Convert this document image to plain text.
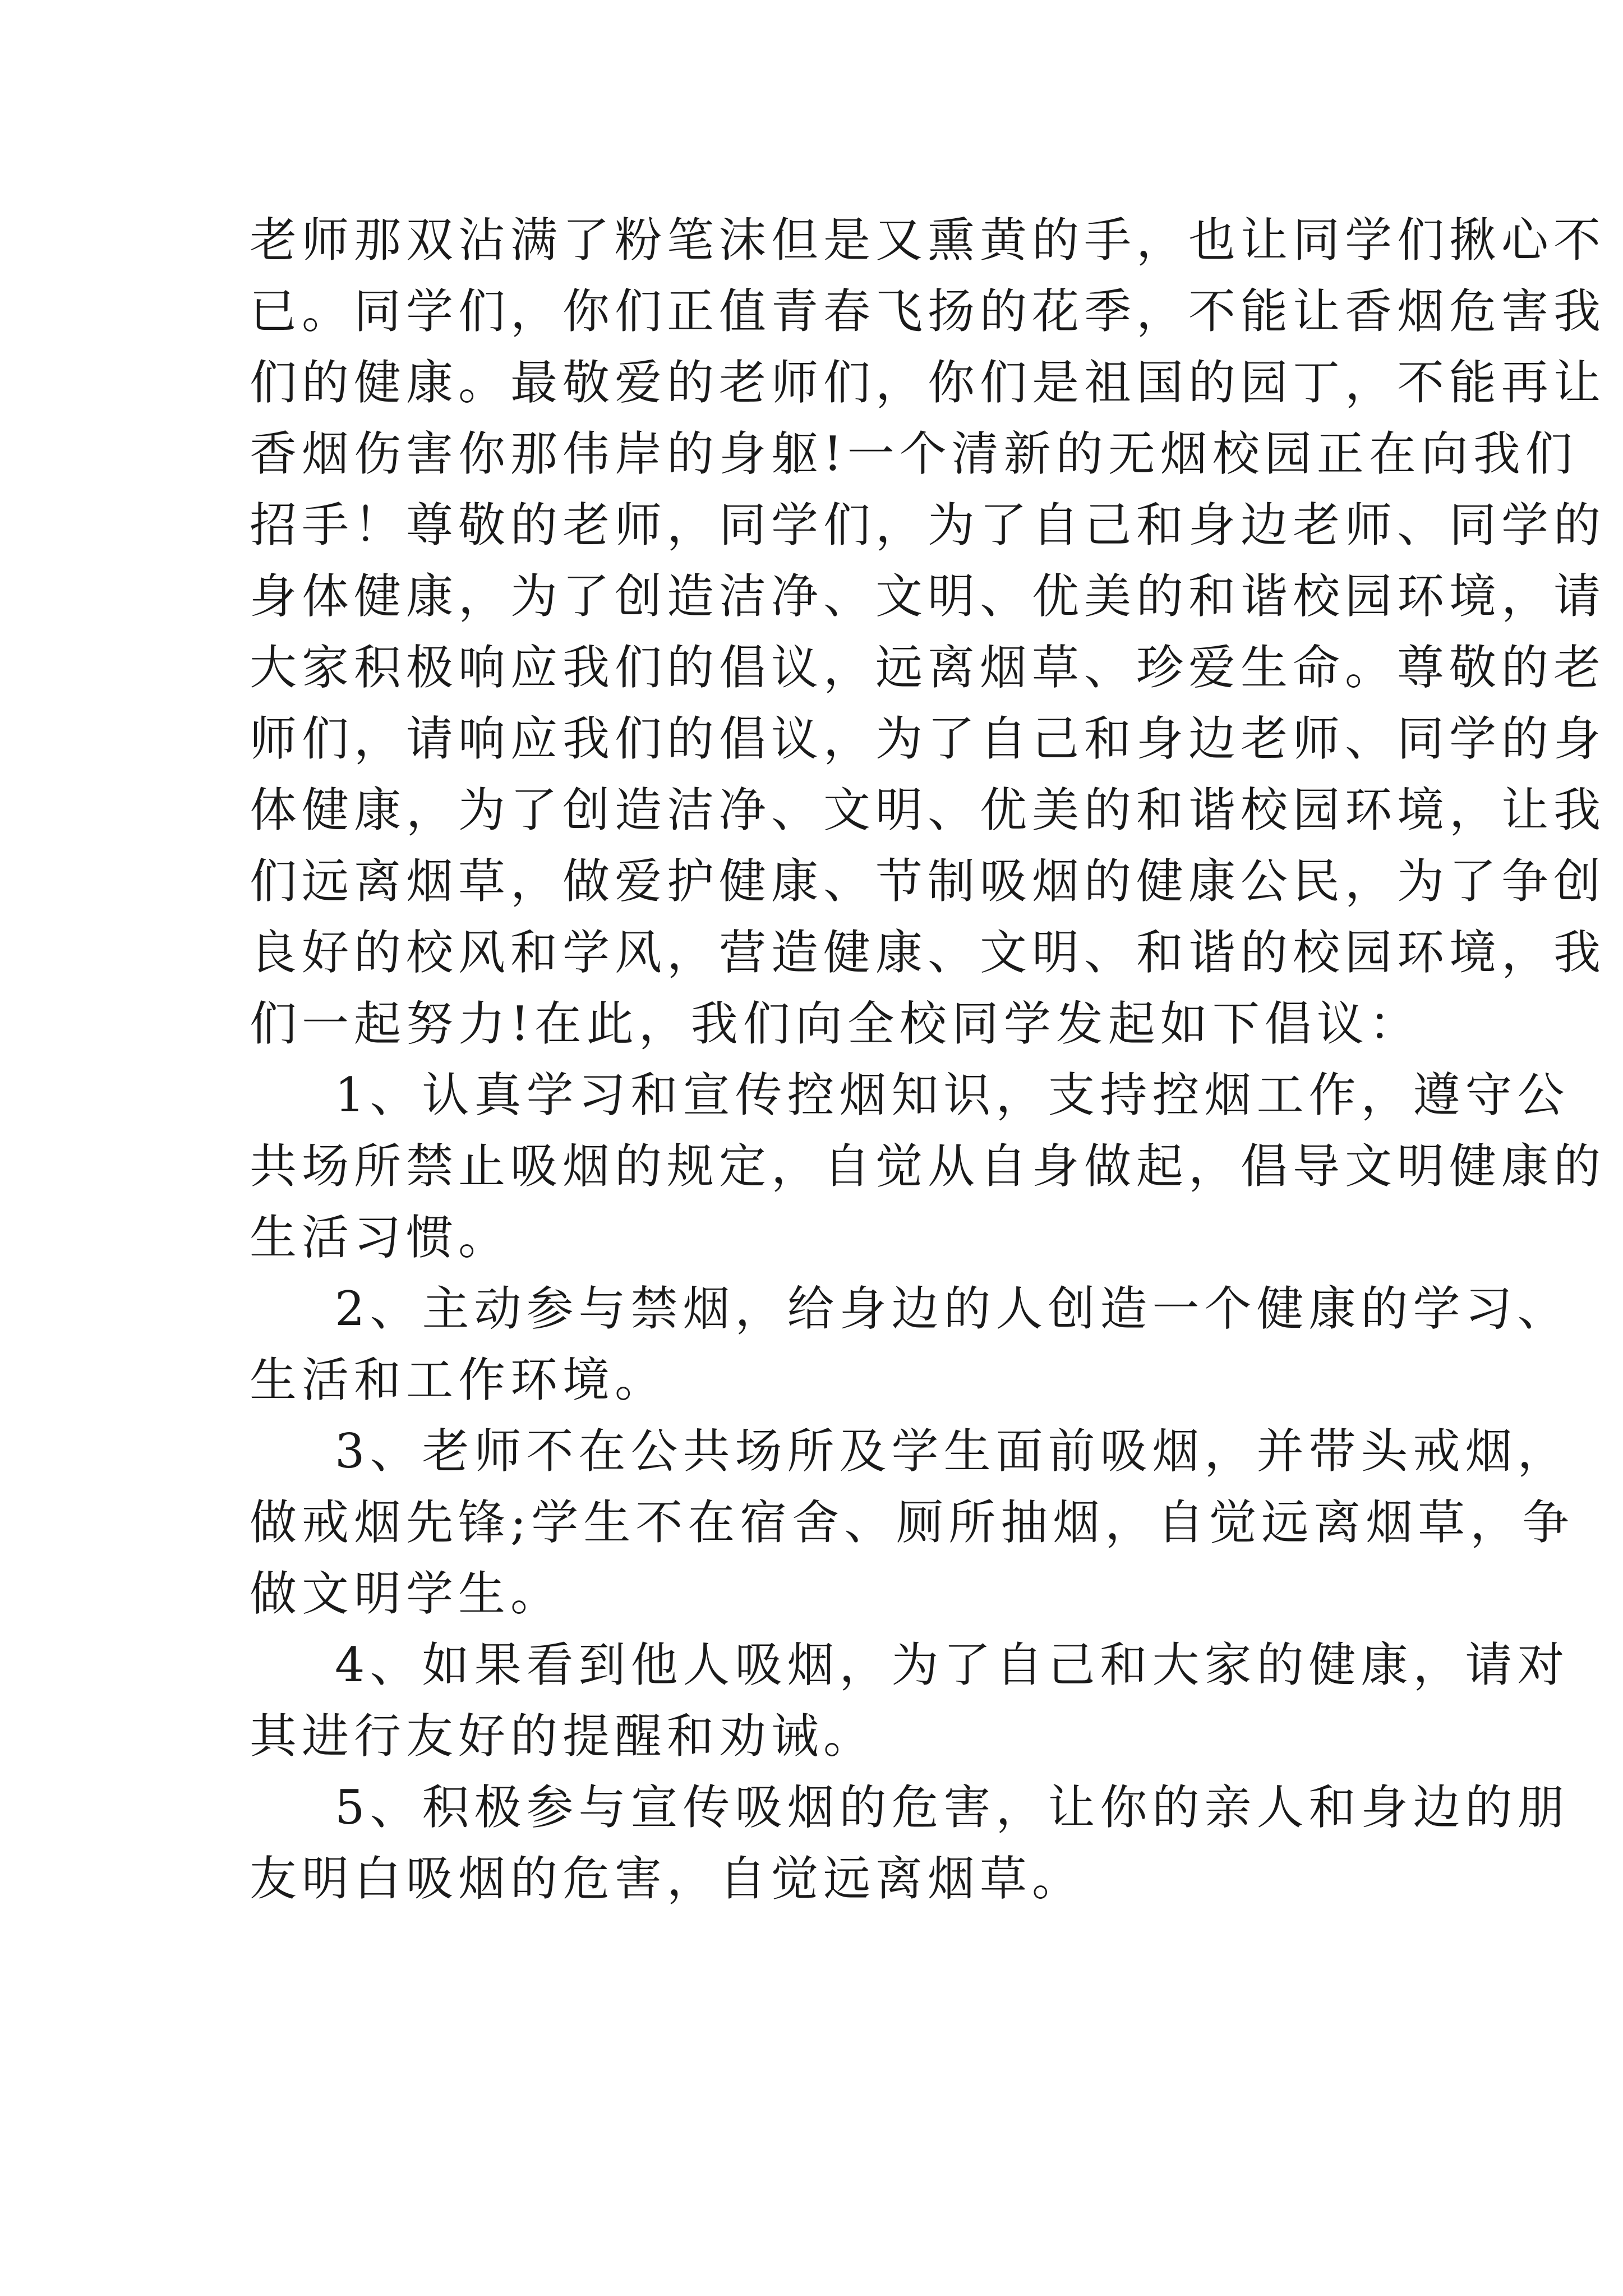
老师那双沾满了粉笔沫但是又熏黄的手，也让同学们揪心不
已。同学们，你们正值青春飞扬的花季，不能让香烟危害我
们的健康。最敬爱的老师们，你们是祖国的园丁，不能再让
香烟伤害你那伟岸的身躯!一个清新的无烟校园正在向我们
招手！尊敬的老师，同学们，为了自己和身边老师、同学的
身体健康，为了创造洁净、文明、优美的和谐校园环境，请
大家积极响应我们的倡议，远离烟草、珍爱生命。尊敬的老
师们，请响应我们的倡议，为了自己和身边老师、同学的身
体健康，为了创造洁净、文明、优美的和谐校园环境，让我
们远离烟草，做爱护健康、节制吸烟的健康公民，为了争创
良好的校风和学风，营造健康、文明、和谐的校园环境，我
们一起努力!在此，我们向全校同学发起如下倡议：
1、认真学习和宣传控烟知识，支持控烟工作，遵守公
共场所禁止吸烟的规定，自觉从自身做起，倡导文明健康的
生活习惯。
2、主动参与禁烟，给身边的人创造一个健康的学习、
生活和工作环境。
3、老师不在公共场所及学生面前吸烟，并带头戒烟，
做戒烟先锋;学生不在宿舍、厕所抽烟，自觉远离烟草，争
做文明学生。
4、如果看到他人吸烟，为了自己和大家的健康，请对
其进行友好的提醒和劝诫。
5、积极参与宣传吸烟的危害，让你的亲人和身边的朋
友明白吸烟的危害，自觉远离烟草。
